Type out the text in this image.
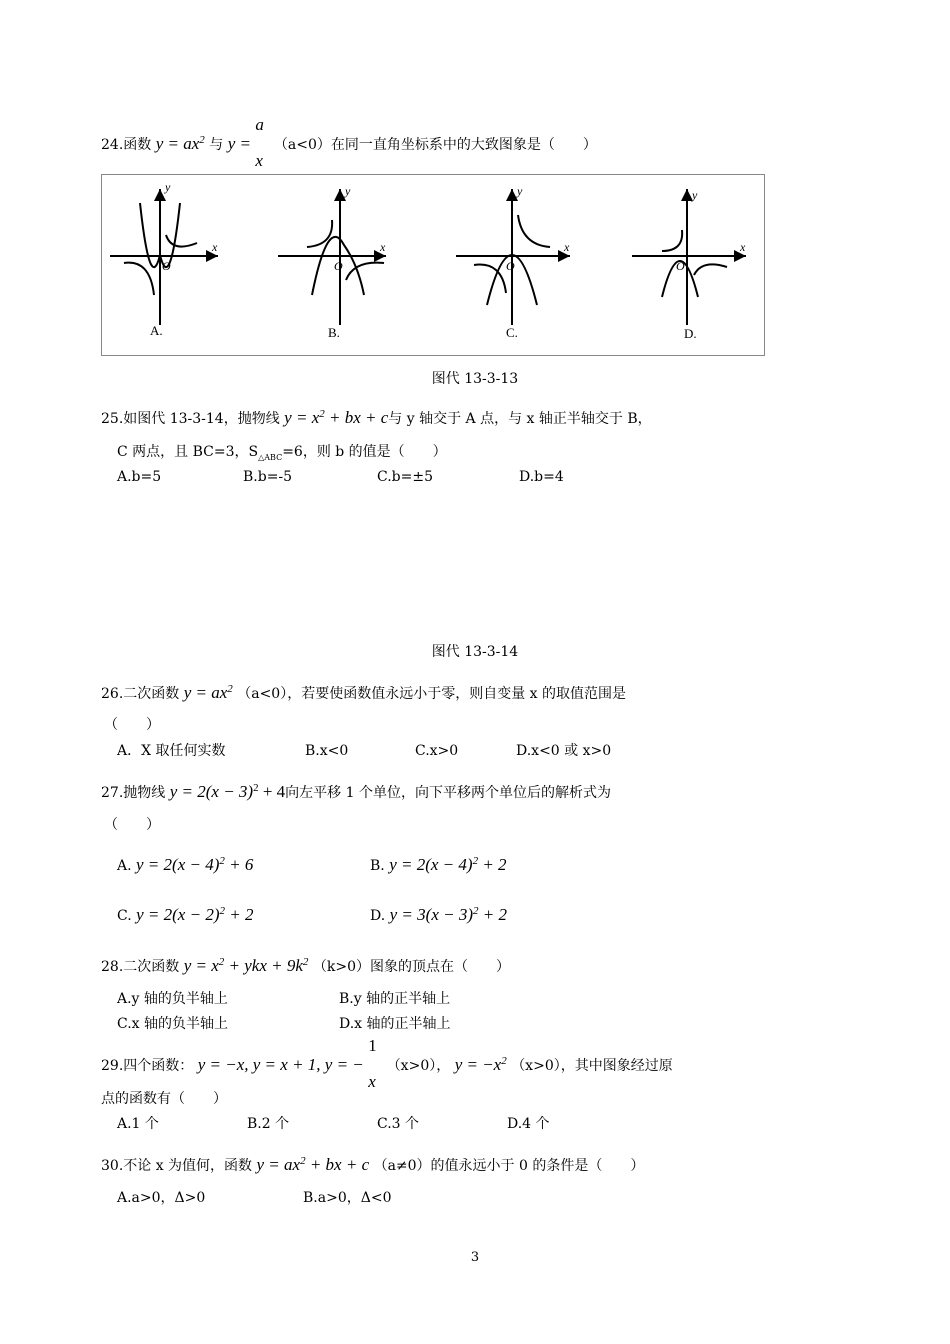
24.函数 $y = ax^2$ 与 y =
a
x
（a<0）在同一直角坐标系中的大致图象是（　　）
y
x
O
y
x
O
y
x
O
y
x
O
A.	B.	C.	D.
图代 13-3-13
25.如图代 13-3-14，抛物线 $y = x^2$ + bx + c与 y 轴交于 A 点，与 x 轴正半轴交于 B，
C 两点，且 BC=3，$S_{\triangle ABC}=6$，则 b 的值是（　　）
A.b=5	B.b=-5	C.b=±5	D.b=4
图代 13-3-14
26.二次函数 $y = ax^2$ （a<0），若要使函数值永远小于零，则自变量 x 的取值范围是
（　　）
A．X 取任何实数	B.x<0	C.x>0	D.x<0 或 x>0
27.抛物线 $y = 2(x - 3)^2 + 4$向左平移 1 个单位，向下平移两个单位后的解析式为
（　　）
A. $y = 2(x - 4)^2 + 6$	B. $y = 2(x - 4)^2 + 2$
C. $y = 2(x - 2)^2 + 2$	D. $y = 3(x - 3)^2 + 2$
28.二次函数 $y = x^2$ + ykx + $9k^2$ （k>0）图象的顶点在（　　）
A.y 轴的负半轴上	B.y 轴的正半轴上
C.x 轴的负半轴上	D.x 轴的正半轴上
29.四个函数： y = −x, y = x + 1, y = −
1
x
（x>0）， $y = -x^2$ （x>0），其中图象经过原
点的函数有（　　）
A.1 个	B.2 个	C.3 个	D.4 个
30.不论 x 为值何，函数 $y = ax^2$ + bx + c （a≠0）的值永远小于 0 的条件是（　　）
A.a>0，Δ>0	B.a>0，Δ<0
3
